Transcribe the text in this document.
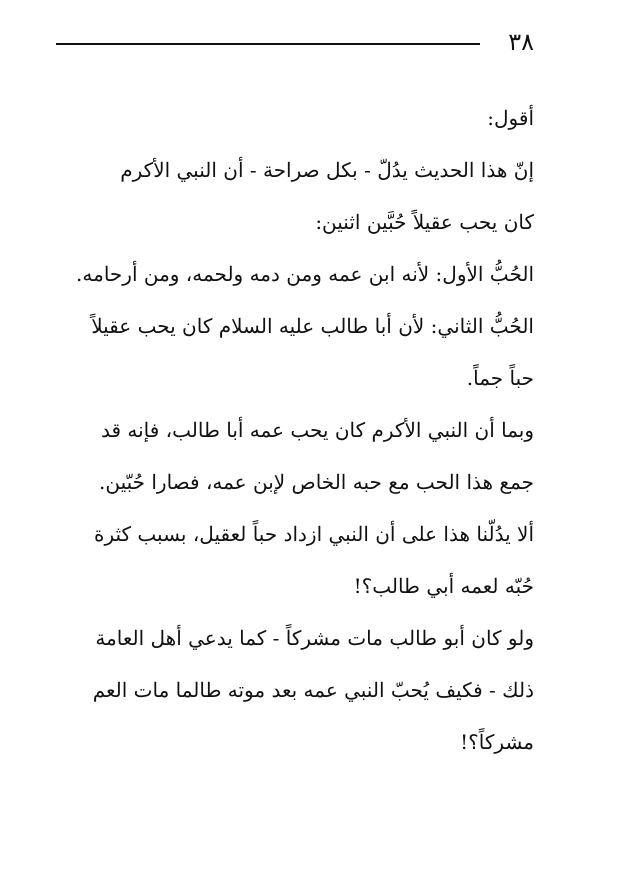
٣٨
أقول:
إنّ هذا الحديث يدُلّ - بكل صراحة - أن النبي الأكرم
كان يحب عقيلاً حُبَّين اثنين:
الحُبُّ الأول: لأنه ابن عمه ومن دمه ولحمه، ومن أرحامه.
الحُبُّ الثاني: لأن أبا طالب عليه السلام كان يحب عقيلاً
حباً جماً.
وبما أن النبي الأكرم كان يحب عمه أبا طالب، فإنه قد
جمع هذا الحب مع حبه الخاص لإبن عمه، فصارا حُبّين.
ألا يدُلّنا هذا على أن النبي ازداد حباً لعقيل، بسبب كثرة
حُبّه لعمه أبي طالب؟!
ولو كان أبو طالب مات مشركاً - كما يدعي أهل العامة
ذلك - فكيف يُحبّ النبي عمه بعد موته طالما مات العم
مشركاً؟!
